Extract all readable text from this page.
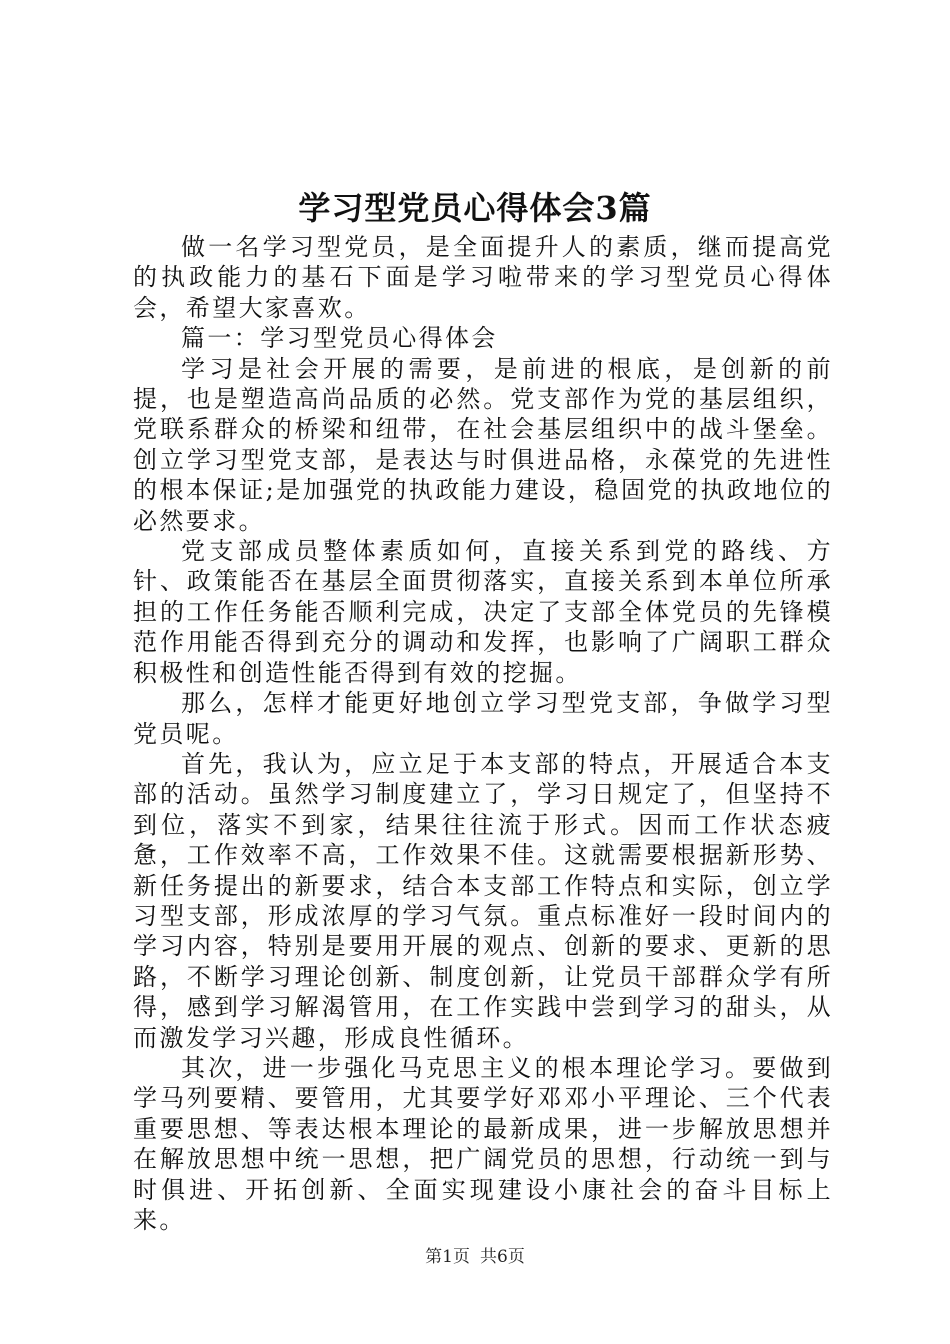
学习型党员心得体会3篇

做一名学习型党员，是全面提升人的素质，继而提高党的执政能力的基石下面是学习啦带来的学习型党员心得体会，希望大家喜欢。

篇一：学习型党员心得体会

学习是社会开展的需要，是前进的根底，是创新的前提，也是塑造高尚品质的必然。党支部作为党的基层组织，党联系群众的桥梁和纽带，在社会基层组织中的战斗堡垒。创立学习型党支部，是表达与时俱进品格，永葆党的先进性的根本保证;是加强党的执政能力建设，稳固党的执政地位的必然要求。

党支部成员整体素质如何，直接关系到党的路线、方针、政策能否在基层全面贯彻落实，直接关系到本单位所承担的工作任务能否顺利完成，决定了支部全体党员的先锋模范作用能否得到充分的调动和发挥，也影响了广阔职工群众积极性和创造性能否得到有效的挖掘。

那么，怎样才能更好地创立学习型党支部，争做学习型党员呢。

首先，我认为，应立足于本支部的特点，开展适合本支部的活动。虽然学习制度建立了，学习日规定了，但坚持不到位，落实不到家，结果往往流于形式。因而工作状态疲惫，工作效率不高，工作效果不佳。这就需要根据新形势、新任务提出的新要求，结合本支部工作特点和实际，创立学习型支部，形成浓厚的学习气氛。重点标准好一段时间内的学习内容，特别是要用开展的观点、创新的要求、更新的思路，不断学习理论创新、制度创新，让党员干部群众学有所得，感到学习解渴管用，在工作实践中尝到学习的甜头，从而激发学习兴趣，形成良性循环。

其次，进一步强化马克思主义的根本理论学习。要做到学马列要精、要管用，尤其要学好邓邓小平理论、三个代表重要思想、等表达根本理论的最新成果，进一步解放思想并在解放思想中统一思想，把广阔党员的思想，行动统一到与时俱进、开拓创新、全面实现建设小康社会的奋斗目标上来。

第1页 共6页
